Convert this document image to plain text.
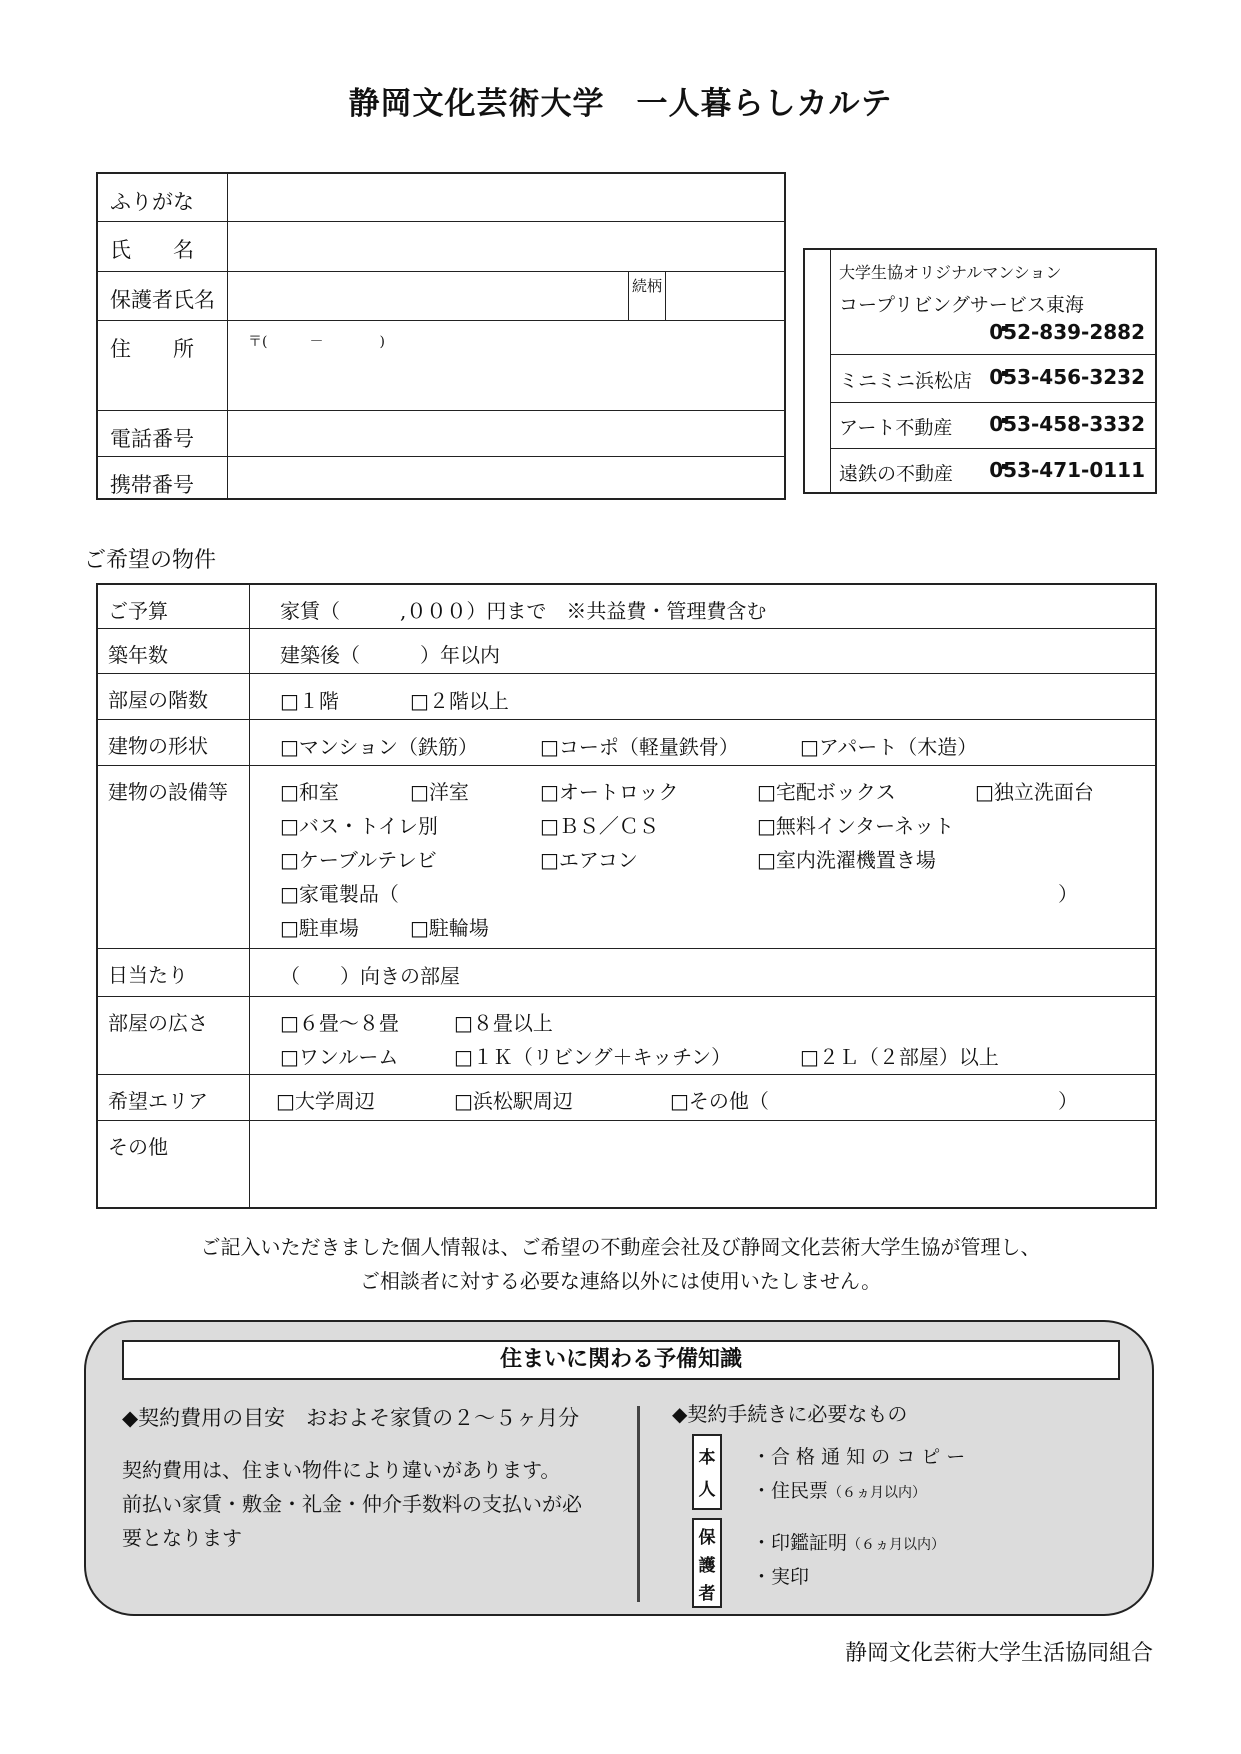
静岡文化芸術大学　一人暮らしカルテ
ふりがな
氏　　名
保護者氏名
続柄
住　　所	〒(　　　－　　　　)
電話番号
携帯番号
大学生協オリジナルマンション
コープリビングサービス東海
052-839-2882
ミニミニ浜松店 053-456-3232
アート不動産 053-458-3332
遠鉄の不動産 053-471-0111
ご希望の物件
ご予算	家賃（　　　,０００）円まで　※共益費・管理費含む
築年数	建築後（　　　）年以内
部屋の階数	□１階	□２階以上
建物の形状	□マンション（鉄筋）	□コーポ（軽量鉄骨）	□アパート（木造）
建物の設備等	□和室	□洋室	□オートロック	□宅配ボックス	□独立洗面台
□バス・トイレ別	□ＢＳ／ＣＳ	□無料インターネット
□ケーブルテレビ	□エアコン	□室内洗濯機置き場
□家電製品（	）
□駐車場	□駐輪場
日当たり	（　　）向きの部屋
部屋の広さ	□６畳～８畳	□８畳以上
□ワンルーム	□１Ｋ（リビング＋キッチン）	□２Ｌ（２部屋）以上
希望エリア	□大学周辺	□浜松駅周辺	□その他（	）
その他
ご記入いただきました個人情報は、ご希望の不動産会社及び静岡文化芸術大学生協が管理し、
ご相談者に対する必要な連絡以外には使用いたしません。
住まいに関わる予備知識
◆契約費用の目安　おおよそ家賃の２～５ヶ月分
契約費用は、住まい物件により違いがあります。
前払い家賃・敷金・礼金・仲介手数料の支払いが必
要となります
◆契約手続きに必要なもの
本
人
・合 格 通 知 の コ ピ ー
・住民票（６ヵ月以内）
保
護
者
・印鑑証明（６ヵ月以内）
・実印
静岡文化芸術大学生活協同組合
